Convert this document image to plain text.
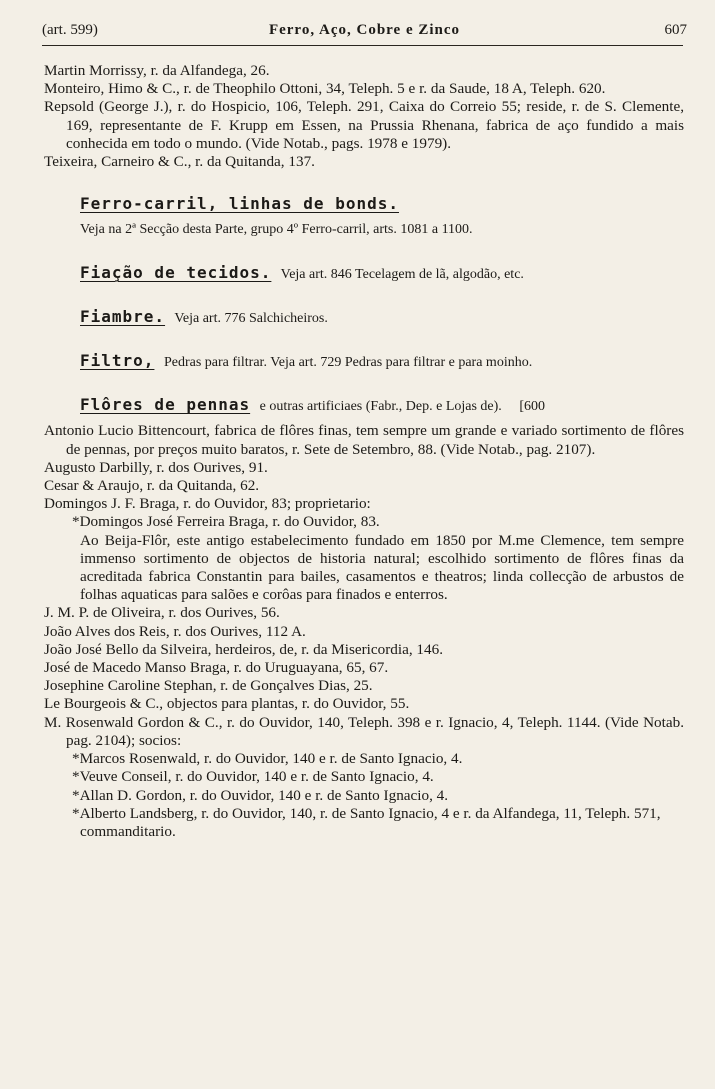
(art. 599)	Ferro, Aço, Cobre e Zinco	607

Martin Morrissy, r. da Alfandega, 26.

Monteiro, Himo & C., r. de Theophilo Ottoni, 34, Teleph. 5 e r. da Saude, 18 A, Teleph. 620.

Repsold (George J.), r. do Hospicio, 106, Teleph. 291, Caixa do Correio 55; reside, r. de S. Clemente, 169, representante de F. Krupp em Essen, na Prussia Rhenana, fabrica de aço fundido a mais conhecida em todo o mundo. (Vide Notab., pags. 1978 e 1979).

Teixeira, Carneiro & C., r. da Quitanda, 137.

Ferro-carril, linhas de bonds.

Veja na 2ª Secção desta Parte, grupo 4º Ferro-carril, arts. 1081 a 1100.

Fiação de tecidos. Veja art. 846 Tecelagem de lã, algodão, etc.

Fiambre. Veja art. 776 Salchicheiros.

Filtro, Pedras para filtrar. Veja art. 729 Pedras para filtrar e para moinho.

Flôres de pennas e outras artificiaes (Fabr., Dep. e Lojas de). [600

Antonio Lucio Bittencourt, fabrica de flôres finas, tem sempre um grande e variado sortimento de flôres de pennas, por preços muito baratos, r. Sete de Setembro, 88. (Vide Notab., pag. 2107).

Augusto Darbilly, r. dos Ourives, 91.

Cesar & Araujo, r. da Quitanda, 62.

Domingos J. F. Braga, r. do Ouvidor, 83; proprietario:

*Domingos José Ferreira Braga, r. do Ouvidor, 83.

Ao Beija-Flôr, este antigo estabelecimento fundado em 1850 por M.me Clemence, tem sempre immenso sortimento de objectos de historia natural; escolhido sortimento de flôres finas da acreditada fabrica Constantin para bailes, casamentos e theatros; linda collecção de arbustos de folhas aquaticas para salões e corôas para finados e enterros.

J. M. P. de Oliveira, r. dos Ourives, 56.

João Alves dos Reis, r. dos Ourives, 112 A.

João José Bello da Silveira, herdeiros, de, r. da Misericordia, 146.

José de Macedo Manso Braga, r. do Uruguayana, 65, 67.

Josephine Caroline Stephan, r. de Gonçalves Dias, 25.

Le Bourgeois & C., objectos para plantas, r. do Ouvidor, 55.

M. Rosenwald Gordon & C., r. do Ouvidor, 140, Teleph. 398 e r. Ignacio, 4, Teleph. 1144. (Vide Notab. pag. 2104); socios:

*Marcos Rosenwald, r. do Ouvidor, 140 e r. de Santo Ignacio, 4.

*Veuve Conseil, r. do Ouvidor, 140 e r. de Santo Ignacio, 4.

*Allan D. Gordon, r. do Ouvidor, 140 e r. de Santo Ignacio, 4.

*Alberto Landsberg, r. do Ouvidor, 140, r. de Santo Ignacio, 4 e r. da Alfandega, 11, Teleph. 571, commanditario.
